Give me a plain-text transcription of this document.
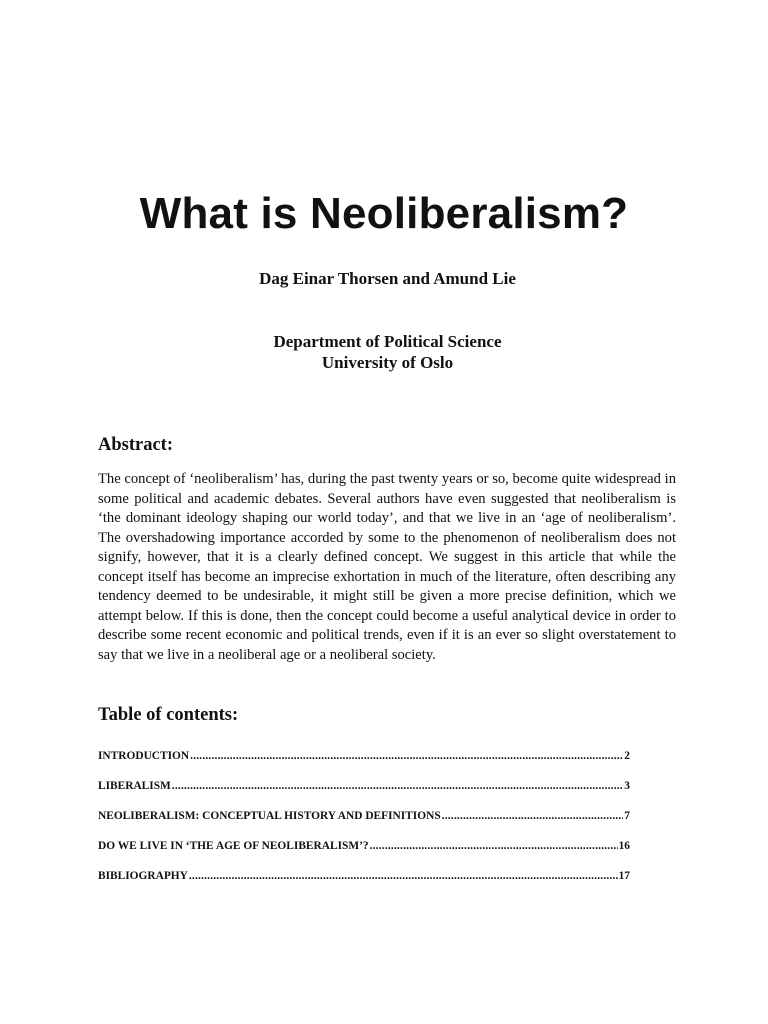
What is Neoliberalism?
Dag Einar Thorsen and Amund Lie
Department of Political Science
University of Oslo
Abstract:
The concept of ‘neoliberalism’ has, during the past twenty years or so, become quite widespread in some political and academic debates. Several authors have even suggested that neoliberalism is ‘the dominant ideology shaping our world today’, and that we live in an ‘age of neoliberalism’. The overshadowing importance accorded by some to the phenomenon of neoliberalism does not signify, however, that it is a clearly defined concept. We suggest in this article that while the concept itself has become an imprecise exhortation in much of the literature, often describing any tendency deemed to be undesirable, it might still be given a more precise definition, which we attempt below. If this is done, then the concept could become a useful analytical device in order to describe some recent economic and political trends, even if it is an ever so slight overstatement to say that we live in a neoliberal age or a neoliberal society.
Table of contents:
INTRODUCTION .....	2
LIBERALISM .....	3
NEOLIBERALISM: CONCEPTUAL HISTORY AND DEFINITIONS .....	7
DO WE LIVE IN ‘THE AGE OF NEOLIBERALISM’? .....	16
BIBLIOGRAPHY .....	17
